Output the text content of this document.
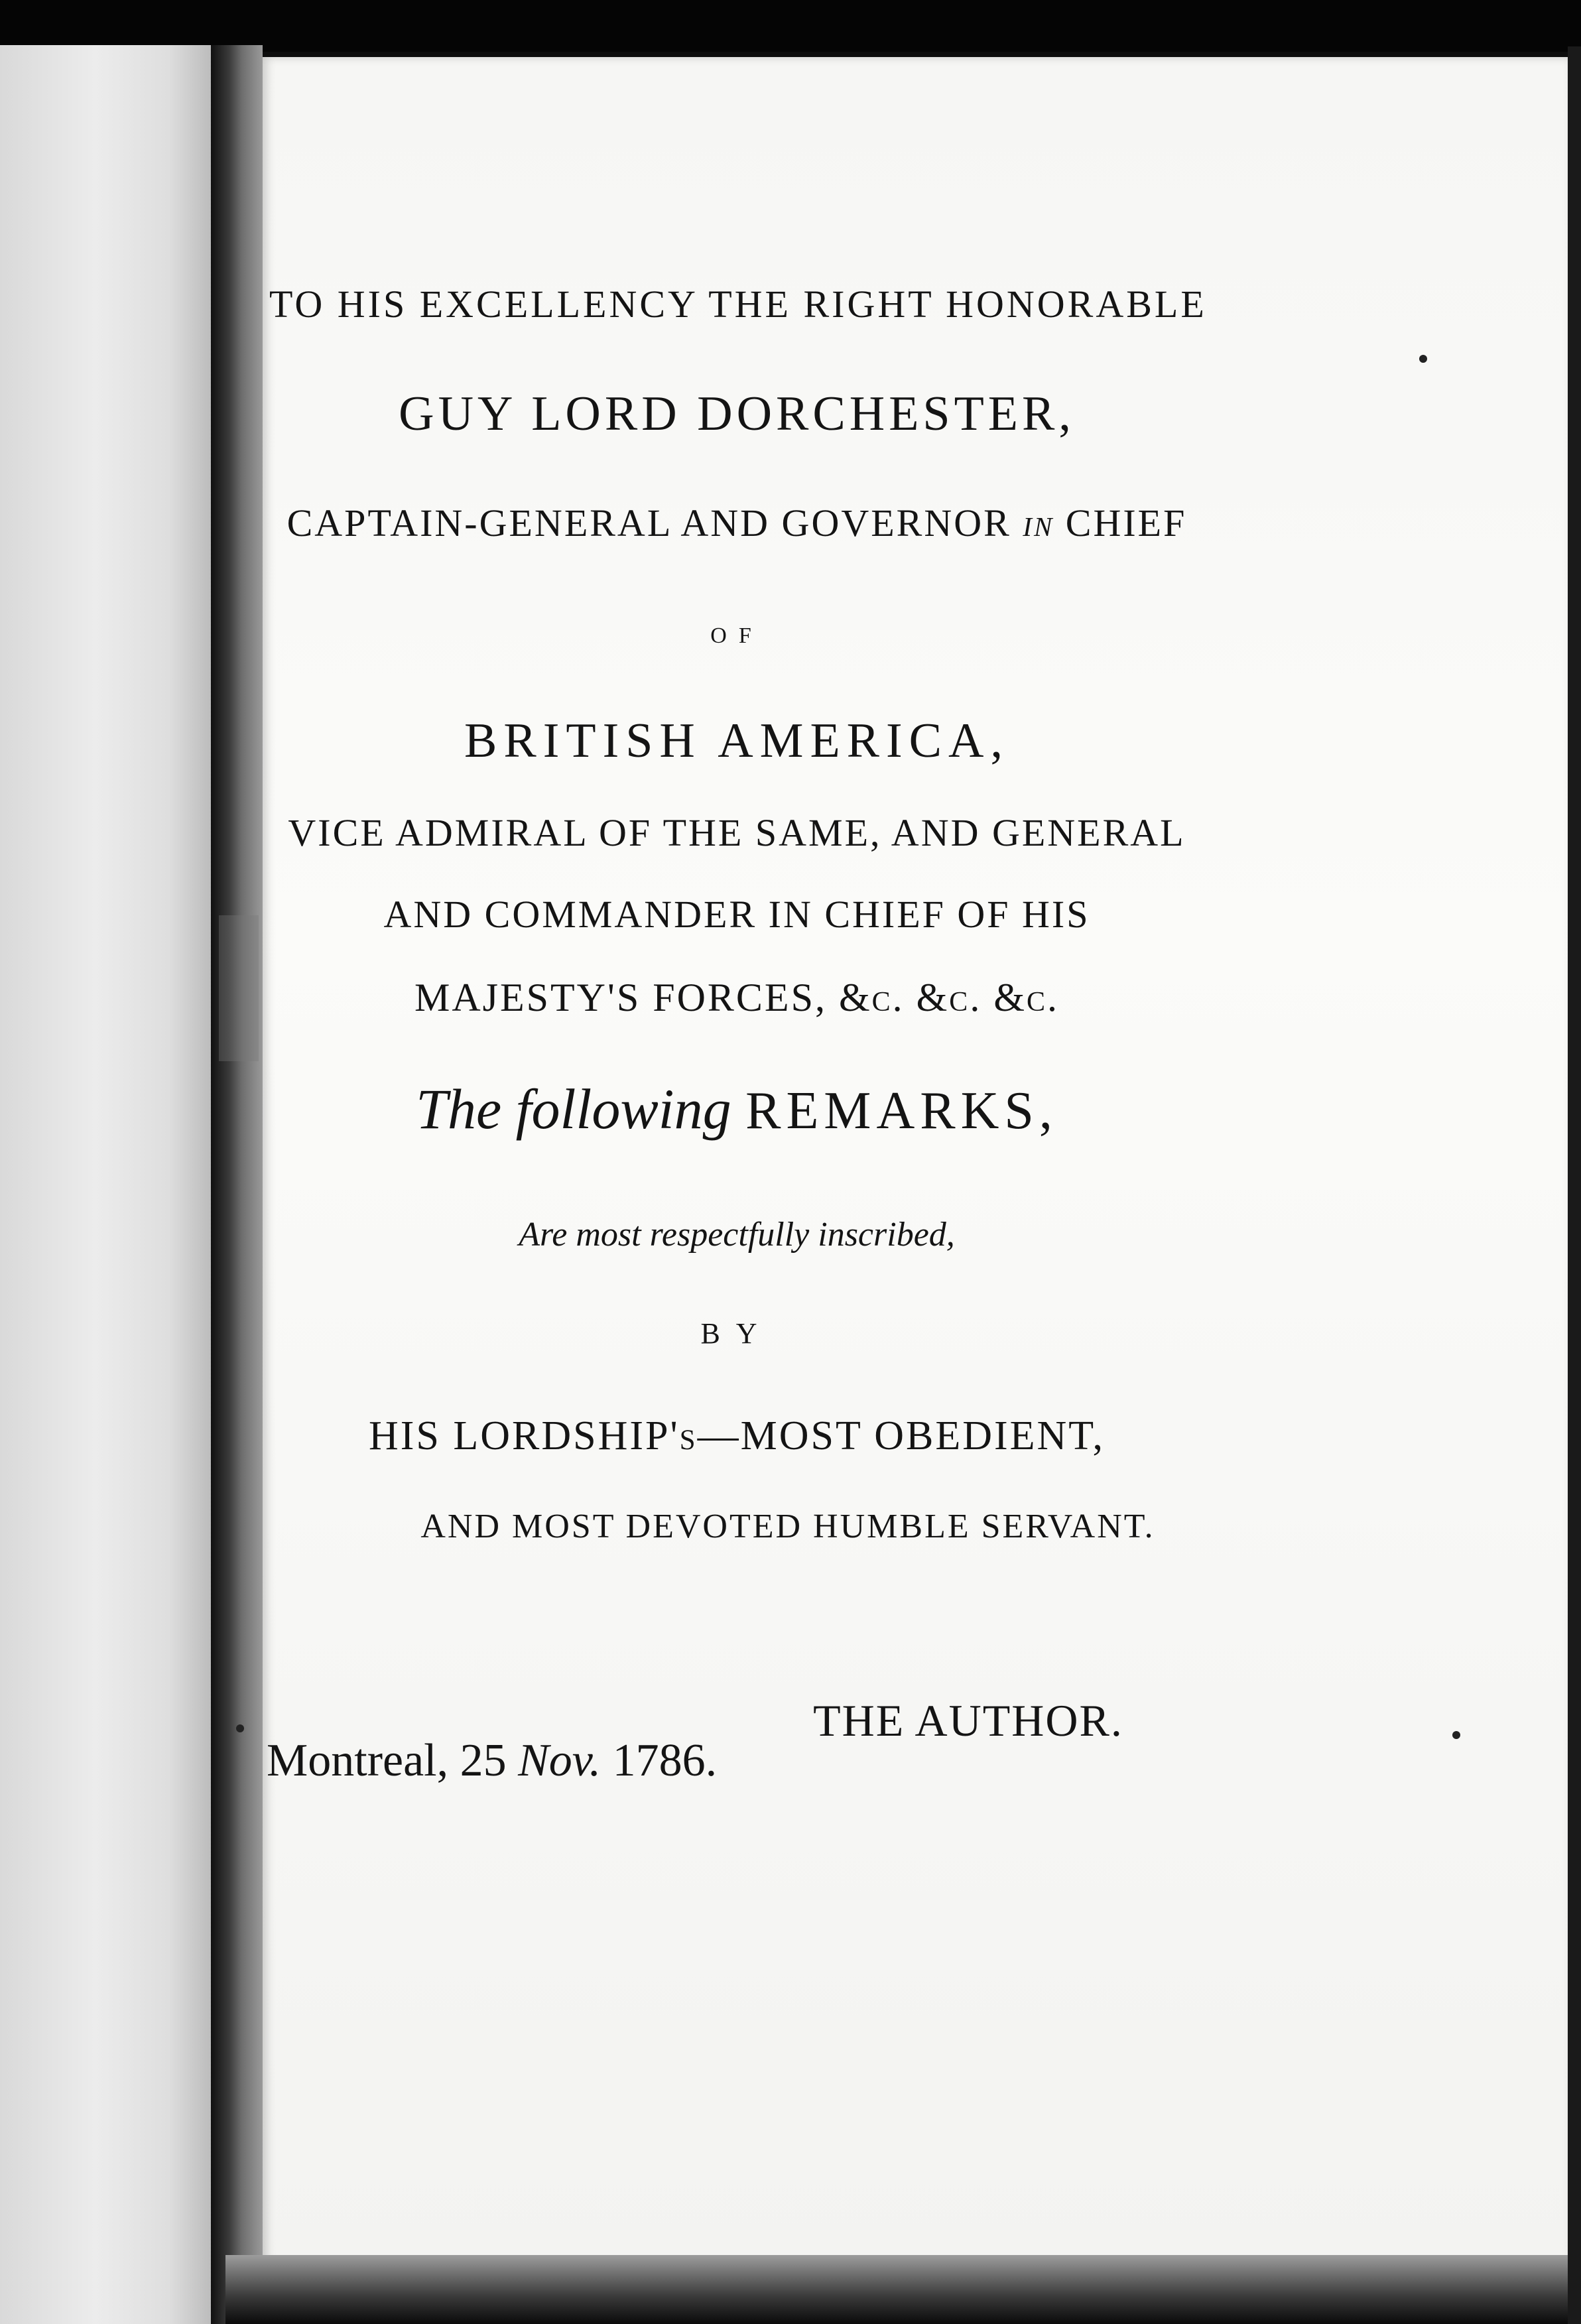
TO HIS EXCELLENCY THE RIGHT HONORABLE
GUY LORD DORCHESTER,
CAPTAIN-GENERAL AND GOVERNOR in CHIEF
OF
BRITISH AMERICA,
VICE ADMIRAL OF THE SAME, AND GENERAL
AND COMMANDER IN CHIEF OF HIS
MAJESTY'S FORCES, &c. &c. &c.
The following REMARKS,
Are most respectfully inscribed,
BY
HIS LORDSHIP's—MOST OBEDIENT,
AND MOST DEVOTED HUMBLE SERVANT.
THE AUTHOR.
Montreal, 25 Nov. 1786.
